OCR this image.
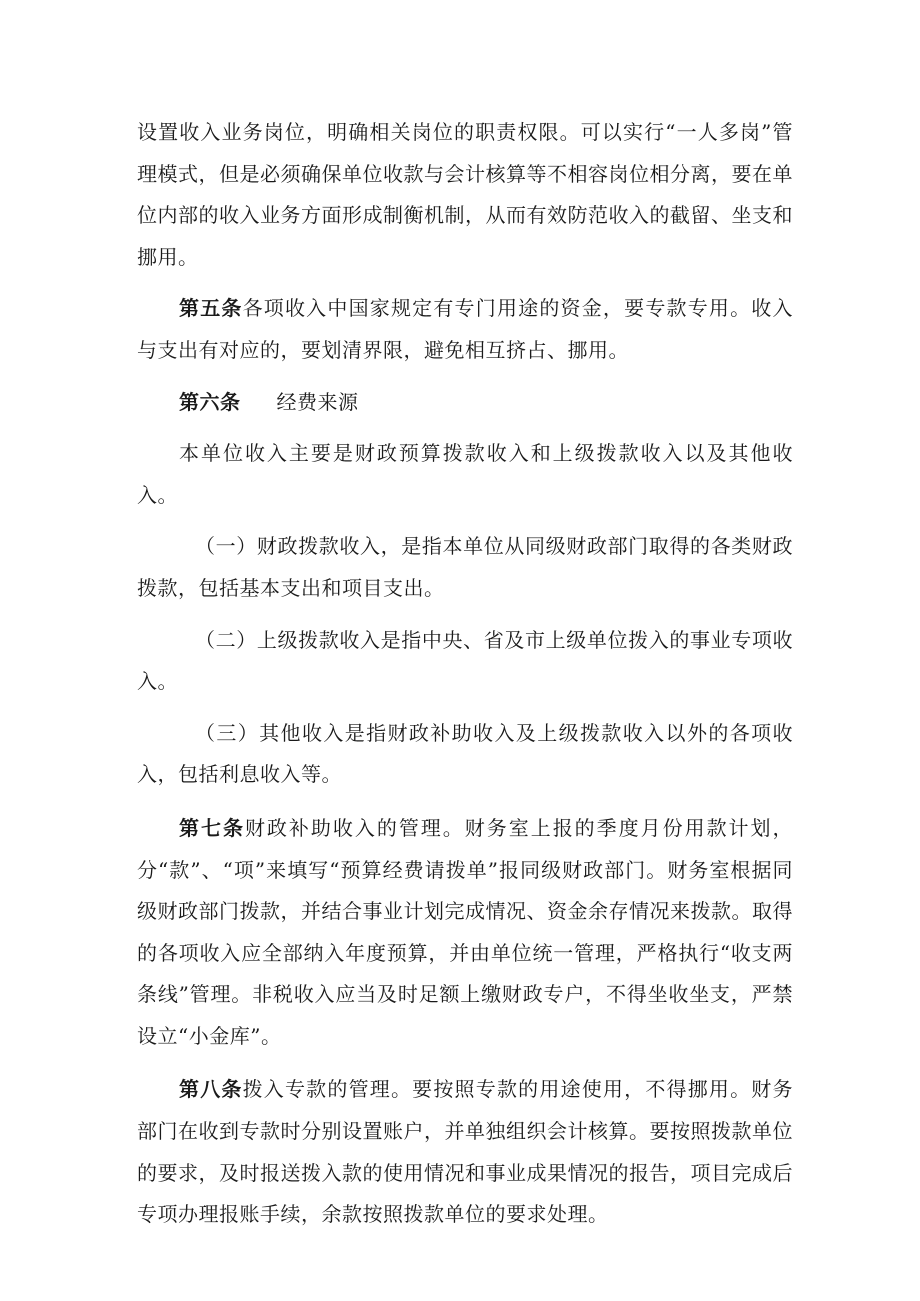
设置收入业务岗位，明确相关岗位的职责权限。可以实行“一人多岗”管理模式，但是必须确保单位收款与会计核算等不相容岗位相分离，要在单位内部的收入业务方面形成制衡机制，从而有效防范收入的截留、坐支和挪用。

第五条各项收入中国家规定有专门用途的资金，要专款专用。收入与支出有对应的，要划清界限，避免相互挤占、挪用。

第六条 经费来源

本单位收入主要是财政预算拨款收入和上级拨款收入以及其他收入。

（一）财政拨款收入，是指本单位从同级财政部门取得的各类财政拨款，包括基本支出和项目支出。

（二）上级拨款收入是指中央、省及市上级单位拨入的事业专项收入。

（三）其他收入是指财政补助收入及上级拨款收入以外的各项收入，包括利息收入等。

第七条财政补助收入的管理。财务室上报的季度月份用款计划，分“款”、“项”来填写“预算经费请拨单”报同级财政部门。财务室根据同级财政部门拨款，并结合事业计划完成情况、资金余存情况来拨款。取得的各项收入应全部纳入年度预算，并由单位统一管理，严格执行“收支两条线”管理。非税收入应当及时足额上缴财政专户，不得坐收坐支，严禁设立“小金库”。

第八条拨入专款的管理。要按照专款的用途使用，不得挪用。财务部门在收到专款时分别设置账户，并单独组织会计核算。要按照拨款单位的要求，及时报送拨入款的使用情况和事业成果情况的报告，项目完成后专项办理报账手续，余款按照拨款单位的要求处理。
